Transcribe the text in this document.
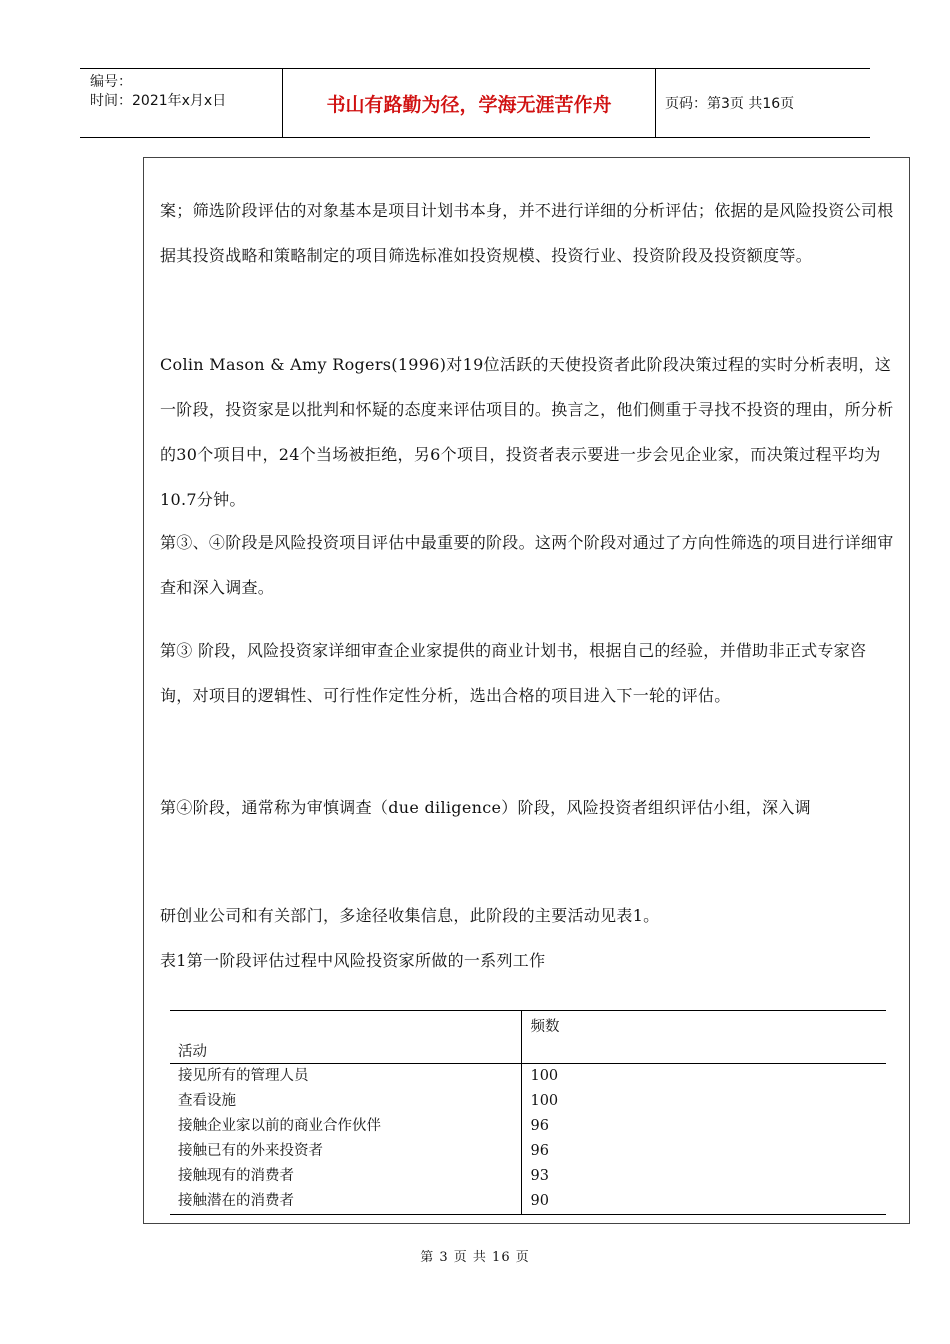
编号：
时间：2021年x月x日	书山有路勤为径，学海无涯苦作舟	页码：第3页 共16页
案；筛选阶段评估的对象基本是项目计划书本身，并不进行详细的分析评估；依据的是风险投资公司根据其投资战略和策略制定的项目筛选标准如投资规模、投资行业、投资阶段及投资额度等。
Colin Mason & Amy Rogers(1996)对19位活跃的天使投资者此阶段决策过程的实时分析表明，这一阶段，投资家是以批判和怀疑的态度来评估项目的。换言之，他们侧重于寻找不投资的理由，所分析的30个项目中，24个当场被拒绝，另6个项目，投资者表示要进一步会见企业家，而决策过程平均为10.7分钟。
第③、④阶段是风险投资项目评估中最重要的阶段。这两个阶段对通过了方向性筛选的项目进行详细审查和深入调查。
第③ 阶段，风险投资家详细审查企业家提供的商业计划书，根据自己的经验，并借助非正式专家咨询，对项目的逻辑性、可行性作定性分析，选出合格的项目进入下一轮的评估。
第④阶段，通常称为审慎调查（due diligence）阶段，风险投资者组织评估小组，深入调
研创业公司和有关部门，多途径收集信息，此阶段的主要活动见表1。
表1第一阶段评估过程中风险投资家所做的一系列工作
活动	频数
接见所有的管理人员	100
查看设施	100
接触企业家以前的商业合作伙伴	96
接触已有的外来投资者	96
接触现有的消费者	93
接触潜在的消费者	90
第 3 页 共 16 页
